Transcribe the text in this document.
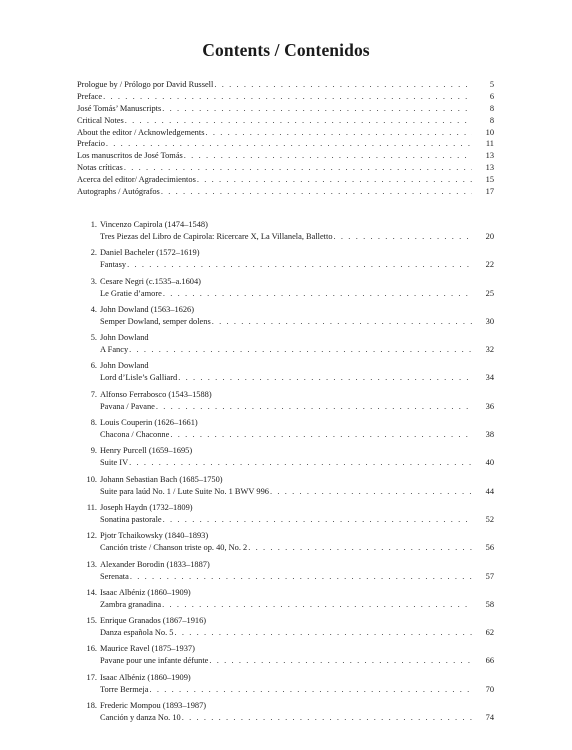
Contents / Contenidos
Prologue by / Prólogo por David Russell . . .	5
Preface . . .	6
José Tomás’ Manuscripts . . .	8
Critical Notes . . .	8
About the editor / Acknowledgements . . .	10
Prefacio . . .	11
Los manuscritos de José Tomás . . .	13
Notas críticas . . .	13
Acerca del editor/ Agradecimientos . . .	15
Autographs / Autógrafos . . .	17
1. Vincenzo Capirola (1474–1548)
Tres Piezas del Libro de Capirola: Ricercare X, La Villanela, Balletto . . .	20
2. Daniel Bacheler (1572–1619)
Fantasy . . .	22
3. Cesare Negri (c.1535–a.1604)
Le Gratie d’amore . . .	25
4. John Dowland (1563–1626)
Semper Dowland, semper dolens . . .	30
5. John Dowland
A Fancy . . .	32
6. John Dowland
Lord d’Lisle’s Galliard . . .	34
7. Alfonso Ferrabosco (1543–1588)
Pavana / Pavane . . .	36
8. Louis Couperin (1626–1661)
Chacona / Chaconne . . .	38
9. Henry Purcell (1659–1695)
Suite IV . . .	40
10. Johann Sebastian Bach (1685–1750)
Suite para laúd No. 1 / Lute Suite No. 1 BWV 996 . . .	44
11. Joseph Haydn (1732–1809)
Sonatina pastorale . . .	52
12. Pjotr Tchaikowsky (1840–1893)
Canción triste / Chanson triste op. 40, No. 2 . . .	56
13. Alexander Borodin (1833–1887)
Serenata . . .	57
14. Isaac Albéniz (1860–1909)
Zambra granadina . . .	58
15. Enrique Granados (1867–1916)
Danza española No. 5 . . .	62
16. Maurice Ravel (1875–1937)
Pavane pour une infante défunte . . .	66
17. Isaac Albéniz (1860–1909)
Torre Bermeja . . .	70
18. Frederic Mompou (1893–1987)
Canción y danza No. 10 . . .	74
